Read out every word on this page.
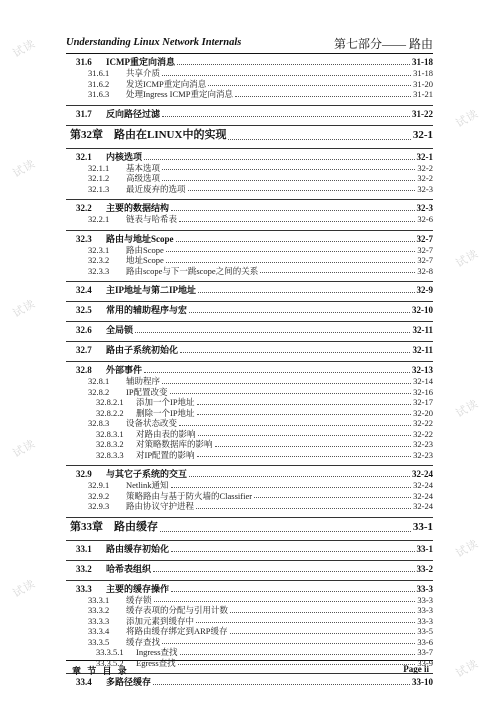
试读
试读
试读
试读
试读
试读
试读
试读
试读
试读
Understanding Linux Network Internals	第七部分—— 路由
31.6	ICMP重定向消息	31-18
31.6.1	共享介质	31-18
31.6.2	发送ICMP重定向消息	31-20
31.6.3	处理Ingress ICMP重定向消息	31-21
31.7	反向路径过滤	31-22
第32章	路由在LINUX中的实现	32-1
32.1	内核选项	32-1
32.1.1	基本选项	32-2
32.1.2	高级选项	32-2
32.1.3	最近废弃的选项	32-3
32.2	主要的数据结构	32-3
32.2.1	链表与哈希表	32-6
32.3	路由与地址Scope	32-7
32.3.1	路由Scope	32-7
32.3.2	地址Scope	32-7
32.3.3	路由scope与下一跳scope之间的关系	32-8
32.4	主IP地址与第二IP地址	32-9
32.5	常用的辅助程序与宏	32-10
32.6	全局锁	32-11
32.7	路由子系统初始化	32-11
32.8	外部事件	32-13
32.8.1	辅助程序	32-14
32.8.2	IP配置改变	32-16
32.8.2.1	添加一个IP地址	32-17
32.8.2.2	删除一个IP地址	32-20
32.8.3	设备状态改变	32-22
32.8.3.1	对路由表的影响	32-22
32.8.3.2	对策略数据库的影响	32-23
32.8.3.3	对IP配置的影响	32-23
32.9	与其它子系统的交互	32-24
32.9.1	Netlink通知	32-24
32.9.2	策略路由与基于防火墙的Classifier	32-24
32.9.3	路由协议守护进程	32-24
第33章	路由缓存	33-1
33.1	路由缓存初始化	33-1
33.2	哈希表组织	33-2
33.3	主要的缓存操作	33-3
33.3.1	缓存锁	33-3
33.3.2	缓存表项的分配与引用计数	33-3
33.3.3	添加元素到缓存中	33-3
33.3.4	将路由缓存绑定到ARP缓存	33-5
33.3.5	缓存查找	33-6
33.3.5.1	Ingress查找	33-7
33.3.5.2	Egress查找	33-9
33.4	多路径缓存	33-10
章 节 目 录	Page ii
